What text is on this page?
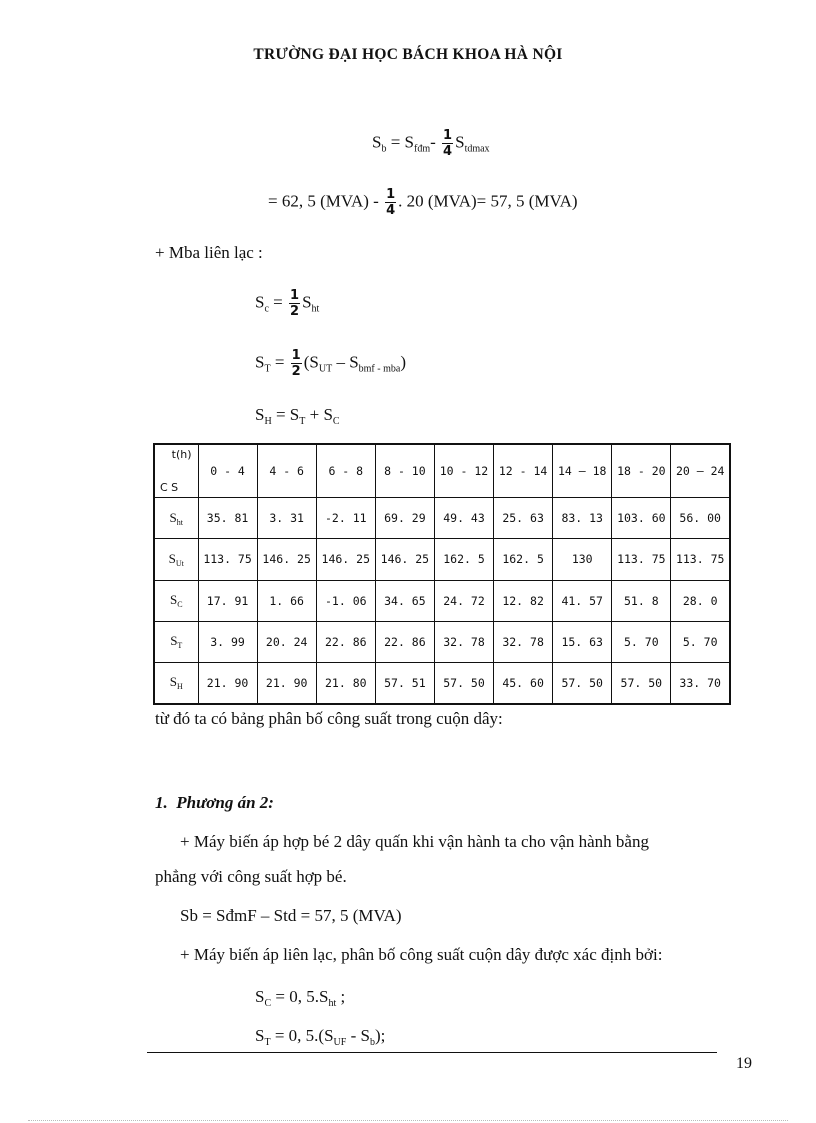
TRƯỜNG ĐẠI HỌC BÁCH KHOA HÀ NỘI
$S_b = S_{fđm}- \frac{1}{4} S_{tdmax}$
= 62, 5 $(MVA) - \frac{1}{4}$ . 20 (MVA)= 57, 5 (MVA)
+ Mba liên lạc :
$S_c = \frac{1}{2} S_{ht}$
$S_T = \frac{1}{2} (S_{UT} - S_{bmf - mba})$
$S_H = S_T + S_C$
t(h)
C S	0 - 4	4 - 6	6 - 8	8 - 10	10 - 12	12 - 14	14 – 18	18 - 20	20 – 24
$S_{ht}$	35. 81	3. 31	-2. 11	69. 29	49. 43	25. 63	83. 13	103. 60	56. 00
$S_{Ut}$	113. 75	146. 25	146. 25	146. 25	162. 5	162. 5	130	113. 75	113. 75
$S_C$	17. 91	1. 66	-1. 06	34. 65	24. 72	12. 82	41. 57	51. 8	28. 0
$S_T$	3. 99	20. 24	22. 86	22. 86	32. 78	32. 78	15. 63	5. 70	5. 70
$S_H$	21. 90	21. 90	21. 80	57. 51	57. 50	45. 60	57. 50	57. 50	33. 70
từ đó ta có bảng phân bố công suất trong cuộn dây:
1. Phương án 2:
+ Máy biến áp hợp bé 2 dây quấn khi vận hành ta cho vận hành bằng
phẳng với công suất hợp bé.
Sb = SđmF – Std = 57, 5 (MVA)
+ Máy biến áp liên lạc, phân bố công suất cuộn dây được xác định bởi:
$S_C = 0$, $5.S_{ht}$ ;
$S_T = 0$, $5.(S_{UF} - S_b)$;
19
